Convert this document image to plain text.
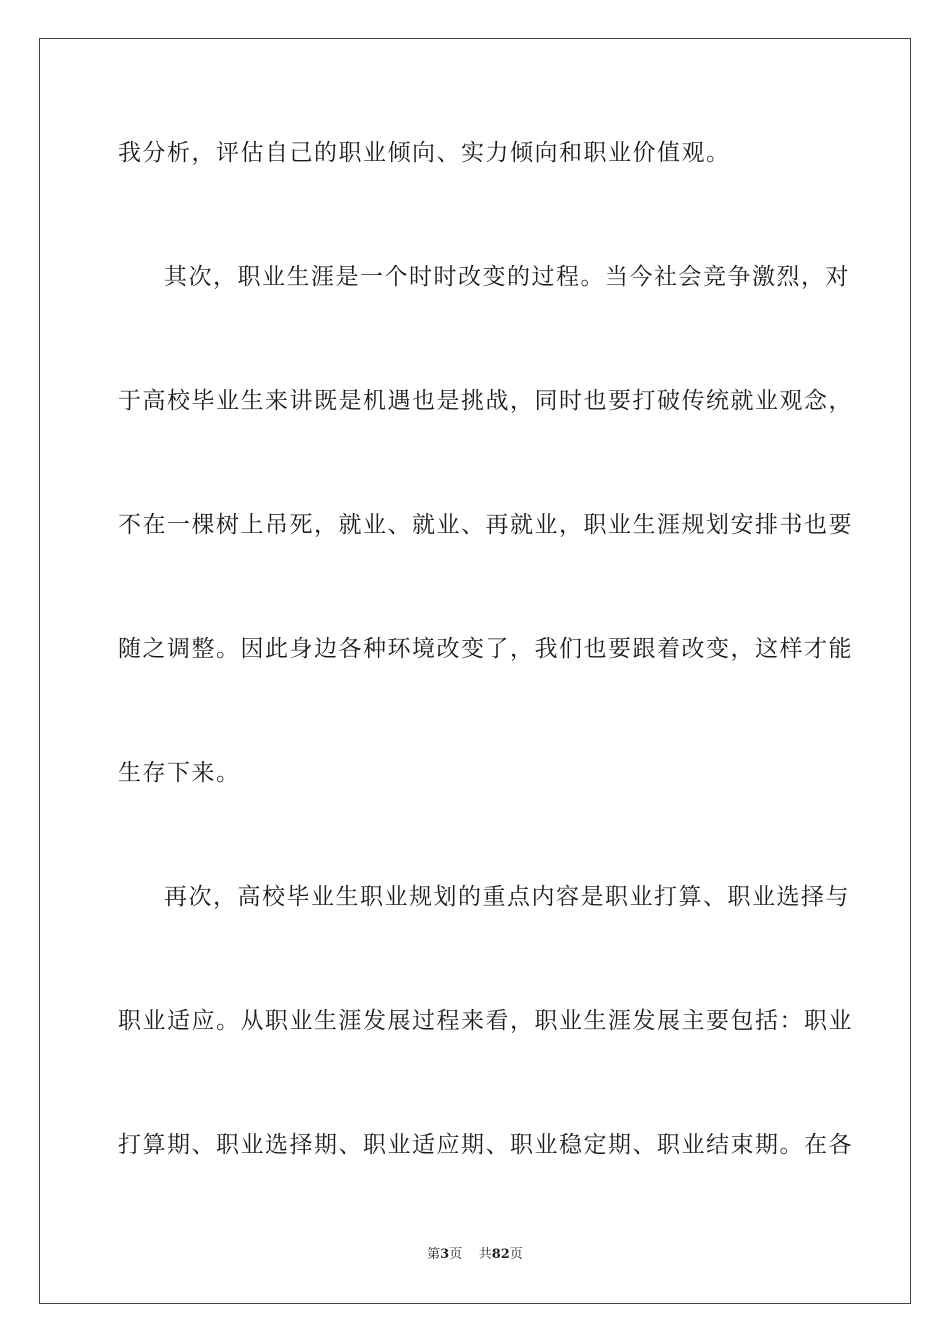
我分析，评估自己的职业倾向、实力倾向和职业价值观。
其次，职业生涯是一个时时改变的过程。当今社会竞争激烈，对
于高校毕业生来讲既是机遇也是挑战，同时也要打破传统就业观念，
不在一棵树上吊死，就业、就业、再就业，职业生涯规划安排书也要
随之调整。因此身边各种环境改变了，我们也要跟着改变，这样才能
生存下来。
再次，高校毕业生职业规划的重点内容是职业打算、职业选择与
职业适应。从职业生涯发展过程来看，职业生涯发展主要包括：职业
打算期、职业选择期、职业适应期、职业稳定期、职业结束期。在各
第3页 共82页
